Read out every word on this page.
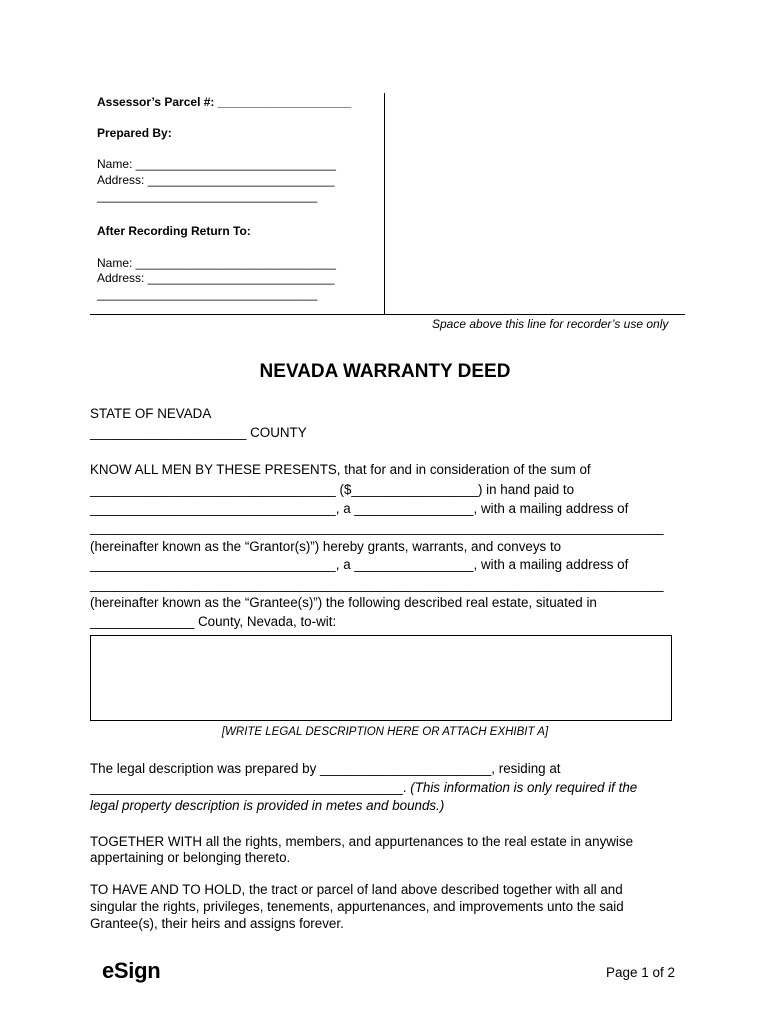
Assessor’s Parcel #: ____________________
Prepared By:
Name: ______________________________
Address: ____________________________
_________________________________
After Recording Return To:
Name: ______________________________
Address: ____________________________
_________________________________
Space above this line for recorder’s use only
NEVADA WARRANTY DEED
STATE OF NEVADA
_____________________ COUNTY
KNOW ALL MEN BY THESE PRESENTS, that for and in consideration of the sum of
_________________________________ ($_________________) in hand paid to
_________________________________, a ________________, with a mailing address of
_____________________________________________________________________________
(hereinafter known as the “Grantor(s)”) hereby grants, warrants, and conveys to
_________________________________, a ________________, with a mailing address of
_____________________________________________________________________________
(hereinafter known as the “Grantee(s)”) the following described real estate, situated in
______________ County, Nevada, to-wit:
[WRITE LEGAL DESCRIPTION HERE OR ATTACH EXHIBIT A]
The legal description was prepared by _______________________, residing at
__________________________________________. (This information is only required if the
legal property description is provided in metes and bounds.)
TOGETHER WITH all the rights, members, and appurtenances to the real estate in anywise
appertaining or belonging thereto.
TO HAVE AND TO HOLD, the tract or parcel of land above described together with all and
singular the rights, privileges, tenements, appurtenances, and improvements unto the said
Grantee(s), their heirs and assigns forever.
eSign	Page 1 of 2
